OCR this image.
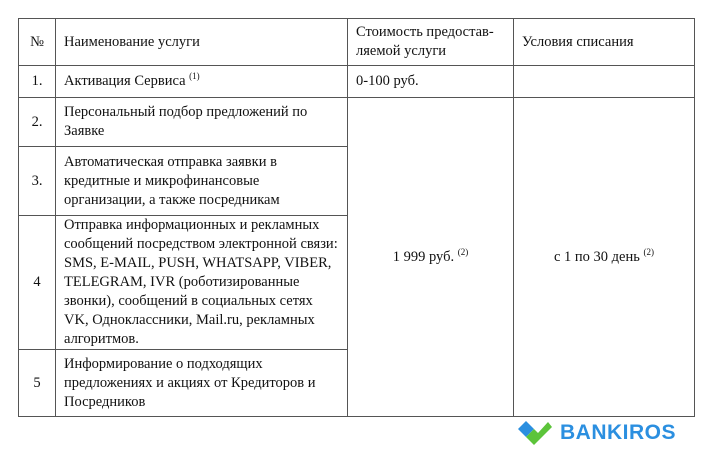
№	Наименование услуги	Стоимость предостав-ляемой услуги	Условия списания
1.	Активация Сервиса $^{(1)}$	0-100 руб.	
2.	Персональный подбор предложений по Заявке	1 999 руб. $^{(2)}$	с 1 по 30 день $^{(2)}$
3.	Автоматическая отправка заявки в кредитные и микрофинансовые организации, а также посредникам		
4	Отправка информационных и рекламных сообщений посредством электронной связи: SMS, E-MAIL, PUSH, WHATSAPP, VIBER, TELEGRAM, IVR (роботизированные звонки), сообщений в социальных сетях VK, Одноклассники, Mail.ru, рекламных алгоритмов.		
5	Информирование о подходящих предложениях и акциях от Кредиторов и Посредников		
BANKIROS
